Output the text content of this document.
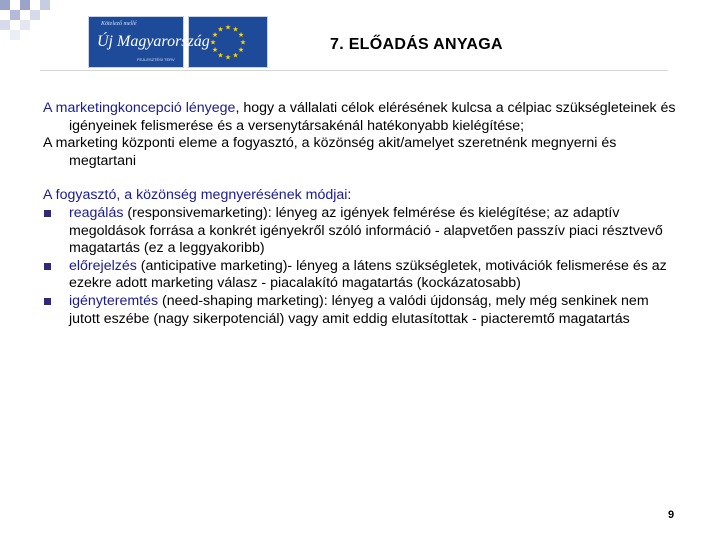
Kötelező mellé
Új Magyarország
FEJLESZTÉSI TERV
★ ★
★
★
★
★
★
★
★
★
★
★
7. ELŐADÁS ANYAGA

A marketingkoncepció lényege, hogy a vállalati célok elérésének kulcsa a célpiac szükségleteinek és igényeinek felismerése és a versenytársakénál hatékonyabb kielégítése;

A marketing központi eleme a fogyasztó, a közönség akit/amelyet szeretnénk megnyerni és megtartani

A fogyasztó, a közönség megnyerésének módjai:

reagálás (responsivemarketing): lényeg az igények felmérése és kielégítése; az adaptív megoldások forrása a konkrét igényekről szóló információ - alapvetően passzív piaci résztvevő magatartás (ez a leggyakoribb)

előrejelzés (anticipative marketing)- lényeg a látens szükségletek, motivációk felismerése és az ezekre adott marketing válasz - piacalakító magatartás (kockázatosabb)

igényteremtés (need-shaping marketing): lényeg a valódi újdonság, mely még senkinek nem jutott eszébe (nagy sikerpotenciál) vagy amit eddig elutasítottak - piacteremtő magatartás

9
